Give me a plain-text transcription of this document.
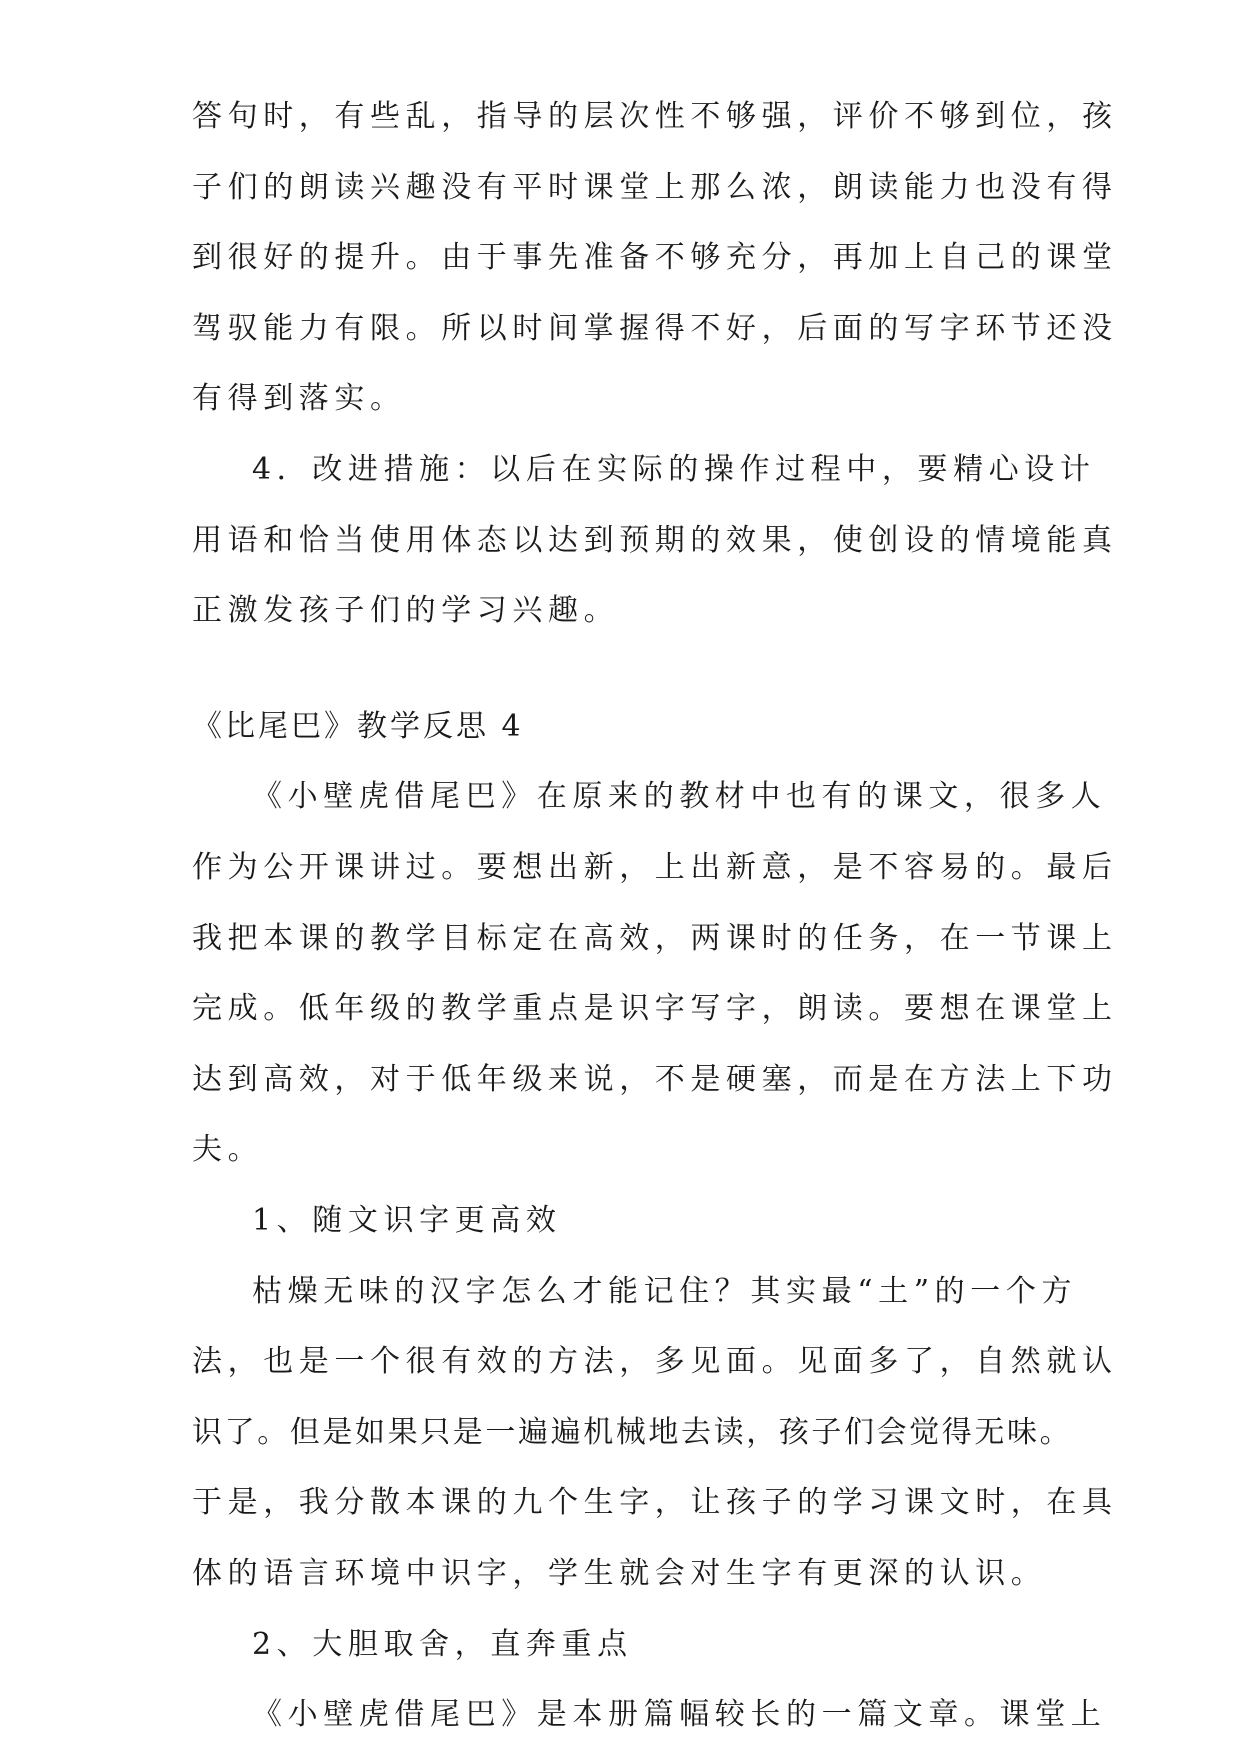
答句时，有些乱，指导的层次性不够强，评价不够到位，孩
子们的朗读兴趣没有平时课堂上那么浓，朗读能力也没有得
到很好的提升。由于事先准备不够充分，再加上自己的课堂
驾驭能力有限。所以时间掌握得不好，后面的写字环节还没
有得到落实。
4．改进措施：以后在实际的操作过程中，要精心设计
用语和恰当使用体态以达到预期的效果，使创设的情境能真
正激发孩子们的学习兴趣。
《比尾巴》教学反思 4
《小壁虎借尾巴》在原来的教材中也有的课文，很多人
作为公开课讲过。要想出新，上出新意，是不容易的。最后
我把本课的教学目标定在高效，两课时的任务，在一节课上
完成。低年级的教学重点是识字写字，朗读。要想在课堂上
达到高效，对于低年级来说，不是硬塞，而是在方法上下功
夫。
1、随文识字更高效
枯燥无味的汉字怎么才能记住？其实最“土”的一个方
法，也是一个很有效的方法，多见面。见面多了，自然就认
识了。但是如果只是一遍遍机械地去读，孩子们会觉得无味。
于是，我分散本课的九个生字，让孩子的学习课文时，在具
体的语言环境中识字，学生就会对生字有更深的认识。
2、大胆取舍，直奔重点
《小壁虎借尾巴》是本册篇幅较长的一篇文章。课堂上
